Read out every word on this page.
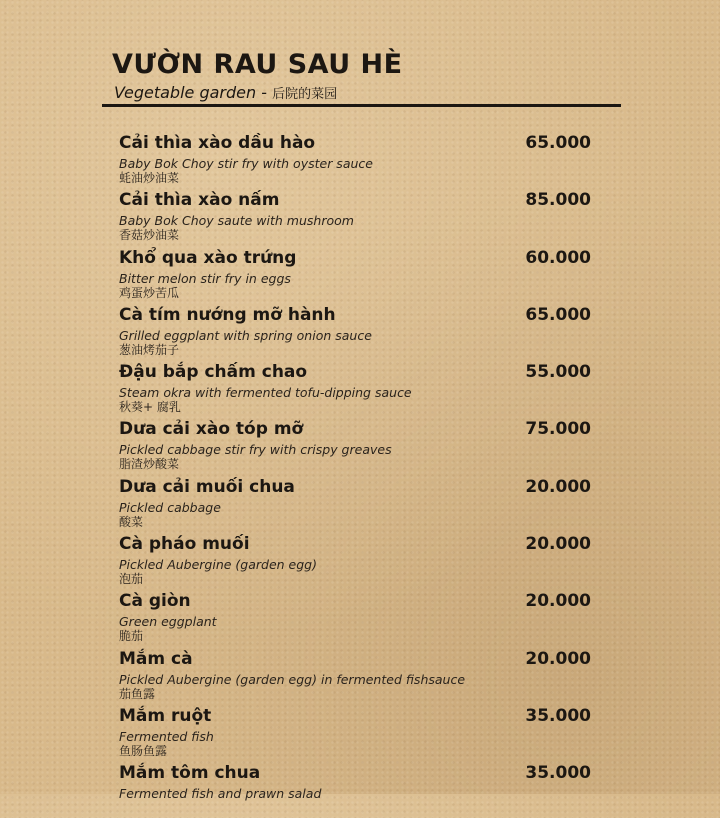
VƯỜN RAU SAU HÈ
Vegetable garden - 后院的菜园
Cải thìa xào dầu hào	65.000
Baby Bok Choy stir fry with oyster sauce
蚝油炒油菜
Cải thìa xào nấm	85.000
Baby Bok Choy saute with mushroom
香菇炒油菜
Khổ qua xào trứng	60.000
Bitter melon stir fry in eggs
鸡蛋炒苦瓜
Cà tím nướng mỡ hành	65.000
Grilled eggplant with spring onion sauce
葱油烤茄子
Đậu bắp chấm chao	55.000
Steam okra with fermented tofu-dipping sauce
秋葵+ 腐乳
Dưa cải xào tóp mỡ	75.000
Pickled cabbage stir fry with crispy greaves
脂渣炒酸菜
Dưa cải muối chua	20.000
Pickled cabbage
酸菜
Cà pháo muối	20.000
Pickled Aubergine (garden egg)
泡茄
Cà giòn	20.000
Green eggplant
脆茄
Mắm cà	20.000
Pickled Aubergine (garden egg) in fermented fishsauce
茄鱼露
Mắm ruột	35.000
Fermented fish
鱼肠鱼露
Mắm tôm chua	35.000
Fermented fish and prawn salad
